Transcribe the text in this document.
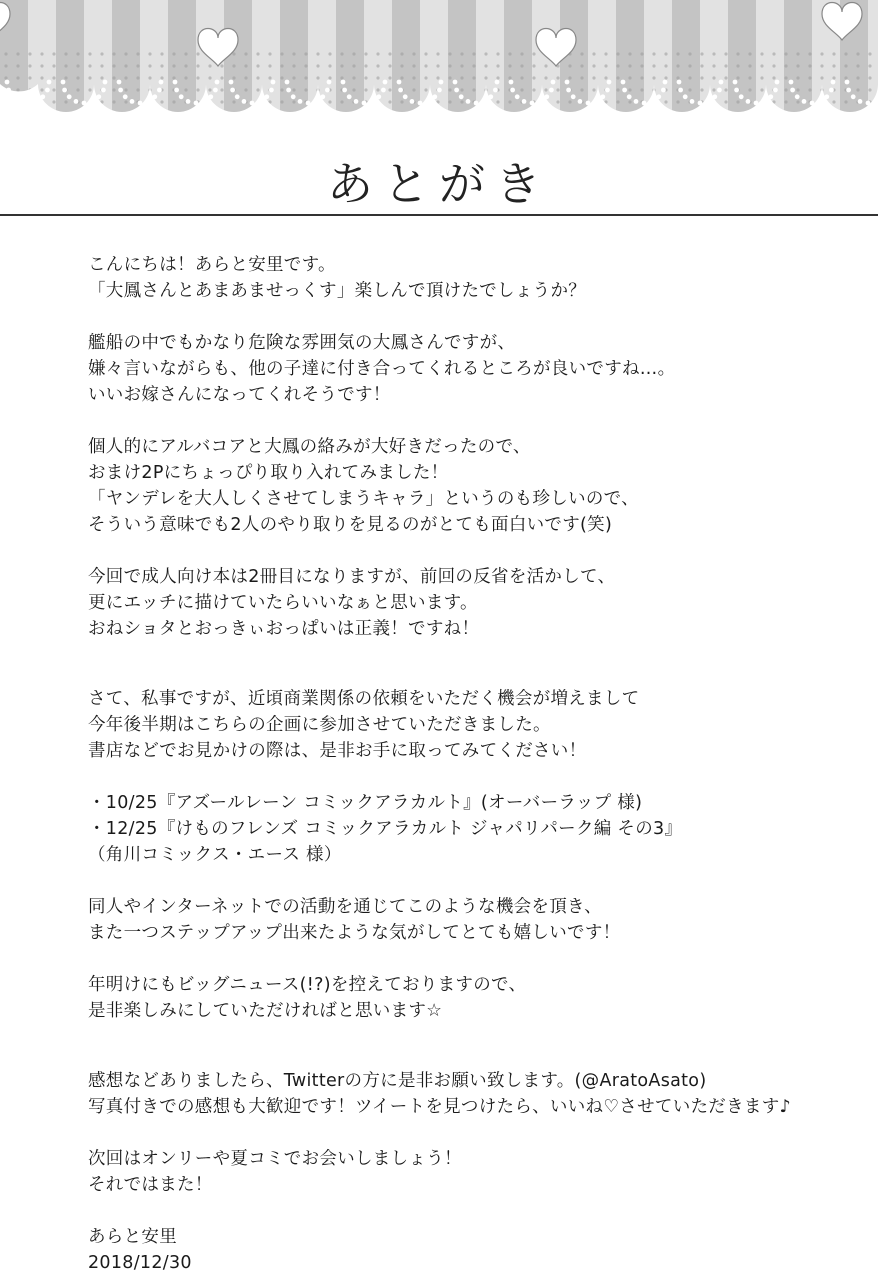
あとがき
こんにちは！あらと安里です。
「大鳳さんとあまあませっくす」楽しんで頂けたでしょうか？
艦船の中でもかなり危険な雰囲気の大鳳さんですが、
嫌々言いながらも、他の子達に付き合ってくれるところが良いですね…。
いいお嫁さんになってくれそうです！
個人的にアルバコアと大鳳の絡みが大好きだったので、
おまけ2Pにちょっぴり取り入れてみました！
「ヤンデレを大人しくさせてしまうキャラ」というのも珍しいので、
そういう意味でも2人のやり取りを見るのがとても面白いです(笑)
今回で成人向け本は2冊目になりますが、前回の反省を活かして、
更にエッチに描けていたらいいなぁと思います。
おねショタとおっきぃおっぱいは正義！ですね！
さて、私事ですが、近頃商業関係の依頼をいただく機会が増えまして
今年後半期はこちらの企画に参加させていただきました。
書店などでお見かけの際は、是非お手に取ってみてください！
・10/25『アズールレーン コミックアラカルト』(オーバーラップ 様)
・12/25『けものフレンズ コミックアラカルト ジャパリパーク編 その3』
（角川コミックス・エース 様）
同人やインターネットでの活動を通じてこのような機会を頂き、
また一つステップアップ出来たような気がしてとても嬉しいです！
年明けにもビッグニュース(!?)を控えておりますので、
是非楽しみにしていただければと思います☆
感想などありましたら、Twitterの方に是非お願い致します。(@AratoAsato)
写真付きでの感想も大歓迎です！ツイートを見つけたら、いいね♡させていただきます♪
次回はオンリーや夏コミでお会いしましょう！
それではまた！
あらと安里
2018/12/30
